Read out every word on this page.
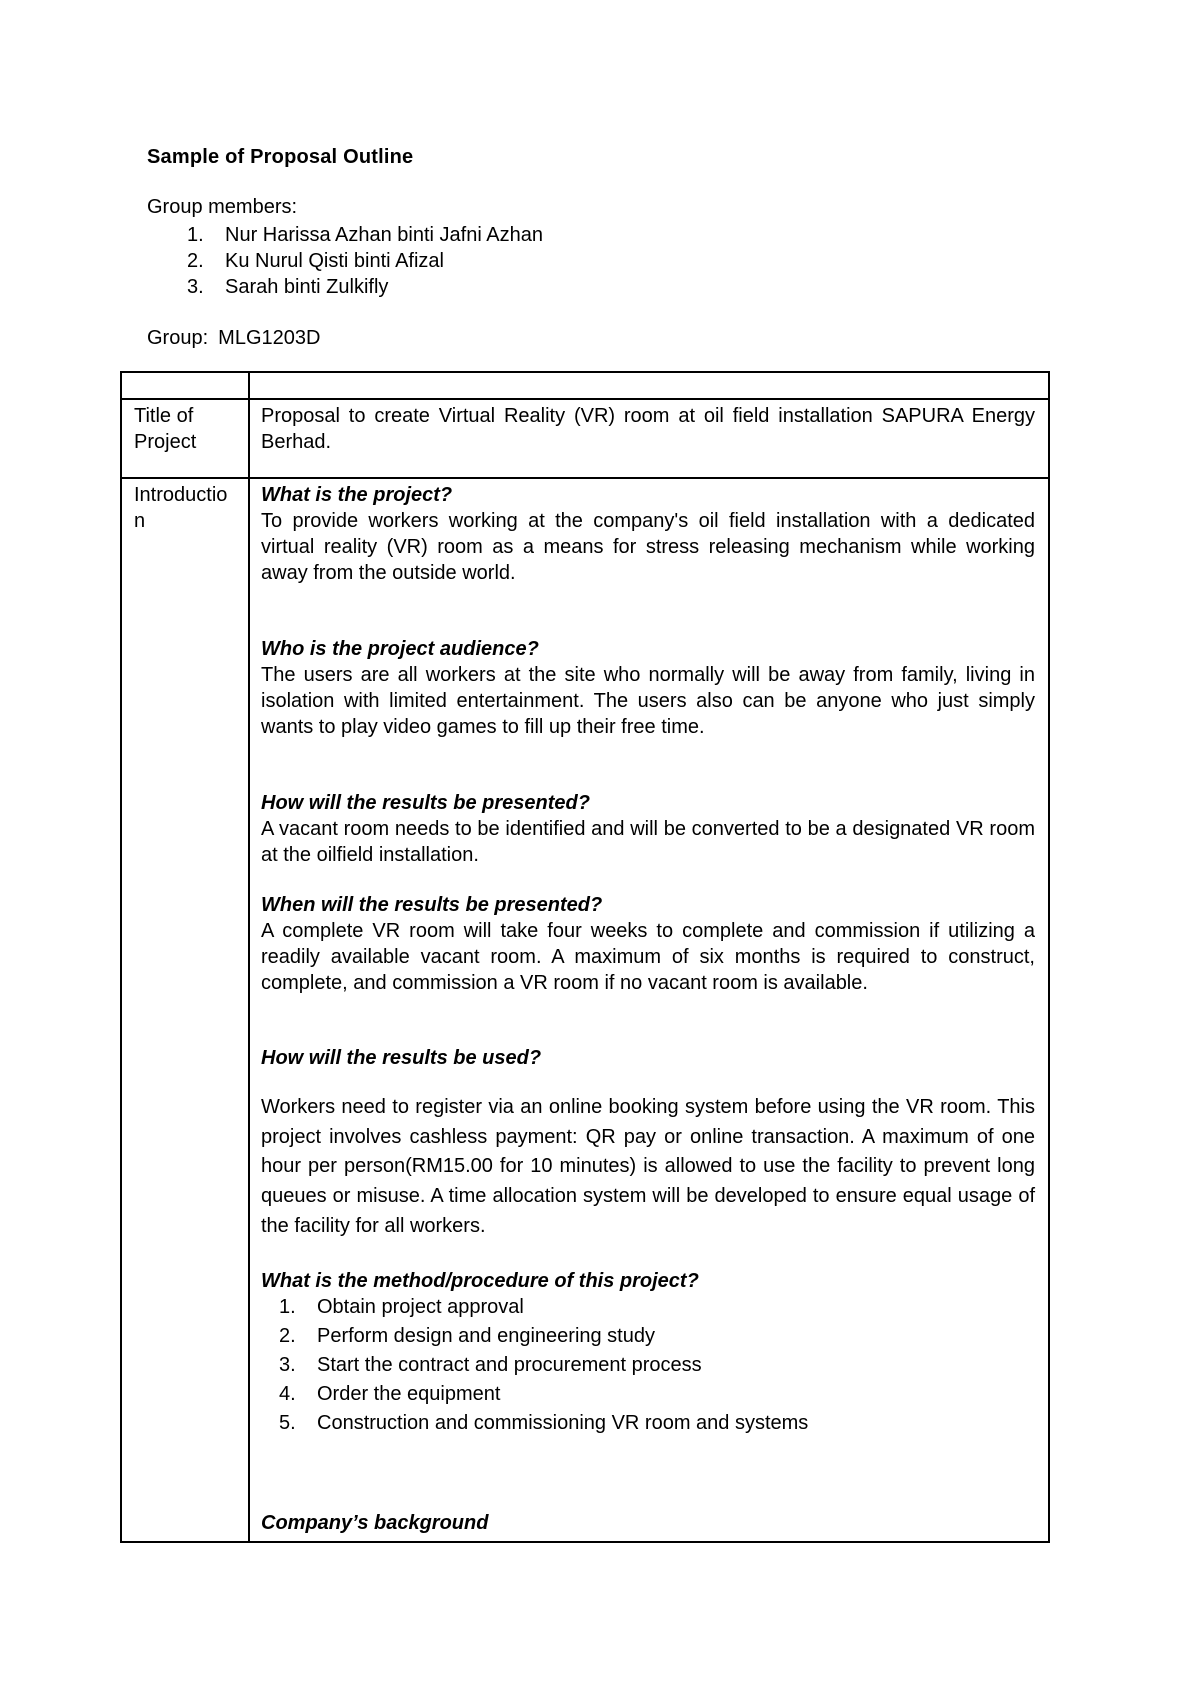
Sample of Proposal Outline
Group members:
1. Nur Harissa Azhan binti Jafni Azhan
2. Ku Nurul Qisti binti Afizal
3. Sarah binti Zulkifly
Group: MLG1203D
Title of Project
Proposal to create Virtual Reality (VR) room at oil field installation SAPURA Energy Berhad.
Introductio n
What is the project?
To provide workers working at the company's oil field installation with a dedicated virtual reality (VR) room as a means for stress releasing mechanism while working away from the outside world.
Who is the project audience?
The users are all workers at the site who normally will be away from family, living in isolation with limited entertainment. The users also can be anyone who just simply wants to play video games to fill up their free time.
How will the results be presented?
A vacant room needs to be identified and will be converted to be a designated VR room at the oilfield installation.
When will the results be presented?
A complete VR room will take four weeks to complete and commission if utilizing a readily available vacant room. A maximum of six months is required to construct, complete, and commission a VR room if no vacant room is available.
How will the results be used?
Workers need to register via an online booking system before using the VR room. This project involves cashless payment: QR pay or online transaction. A maximum of one hour per person(RM15.00 for 10 minutes) is allowed to use the facility to prevent long queues or misuse. A time allocation system will be developed to ensure equal usage of the facility for all workers.
What is the method/procedure of this project?
1. Obtain project approval
2. Perform design and engineering study
3. Start the contract and procurement process
4. Order the equipment
5. Construction and commissioning VR room and systems
Company’s background
